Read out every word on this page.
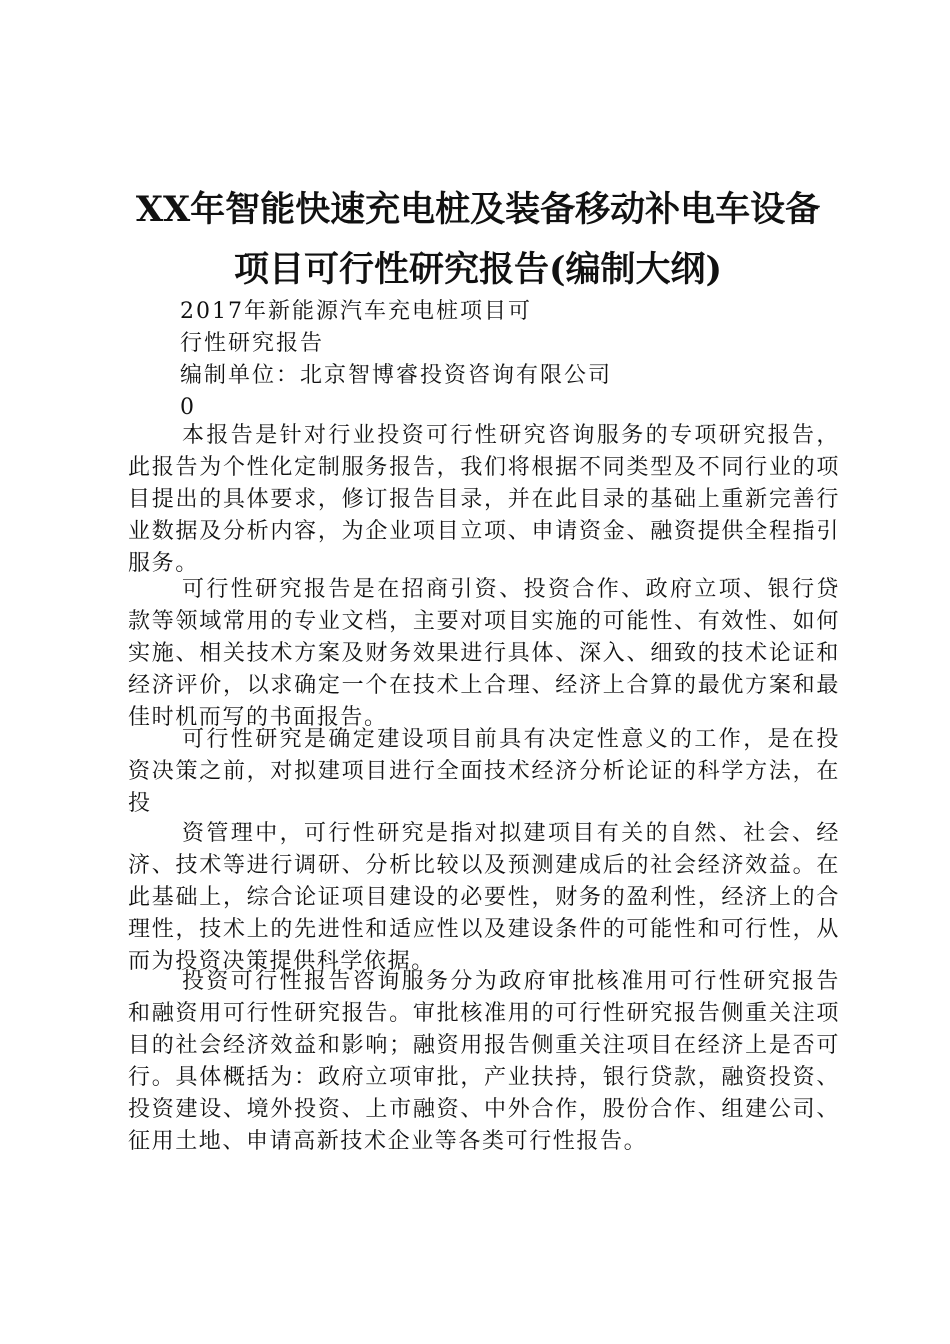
XX年智能快速充电桩及装备移动补电车设备
项目可行性研究报告(编制大纲)
2017年新能源汽车充电桩项目可
行性研究报告
编制单位：北京智博睿投资咨询有限公司
0

本报告是针对行业投资可行性研究咨询服务的专项研究报告，此报告为个性化定制服务报告，我们将根据不同类型及不同行业的项目提出的具体要求，修订报告目录，并在此目录的基础上重新完善行业数据及分析内容，为企业项目立项、申请资金、融资提供全程指引服务。

可行性研究报告是在招商引资、投资合作、政府立项、银行贷款等领域常用的专业文档，主要对项目实施的可能性、有效性、如何实施、相关技术方案及财务效果进行具体、深入、细致的技术论证和经济评价，以求确定一个在技术上合理、经济上合算的最优方案和最佳时机而写的书面报告。

可行性研究是确定建设项目前具有决定性意义的工作，是在投资决策之前，对拟建项目进行全面技术经济分析论证的科学方法，在投

资管理中，可行性研究是指对拟建项目有关的自然、社会、经济、技术等进行调研、分析比较以及预测建成后的社会经济效益。在此基础上，综合论证项目建设的必要性，财务的盈利性，经济上的合理性，技术上的先进性和适应性以及建设条件的可能性和可行性，从而为投资决策提供科学依据。

投资可行性报告咨询服务分为政府审批核准用可行性研究报告和融资用可行性研究报告。审批核准用的可行性研究报告侧重关注项目的社会经济效益和影响；融资用报告侧重关注项目在经济上是否可行。具体概括为：政府立项审批，产业扶持，银行贷款，融资投资、投资建设、境外投资、上市融资、中外合作，股份合作、组建公司、征用土地、申请高新技术企业等各类可行性报告。
